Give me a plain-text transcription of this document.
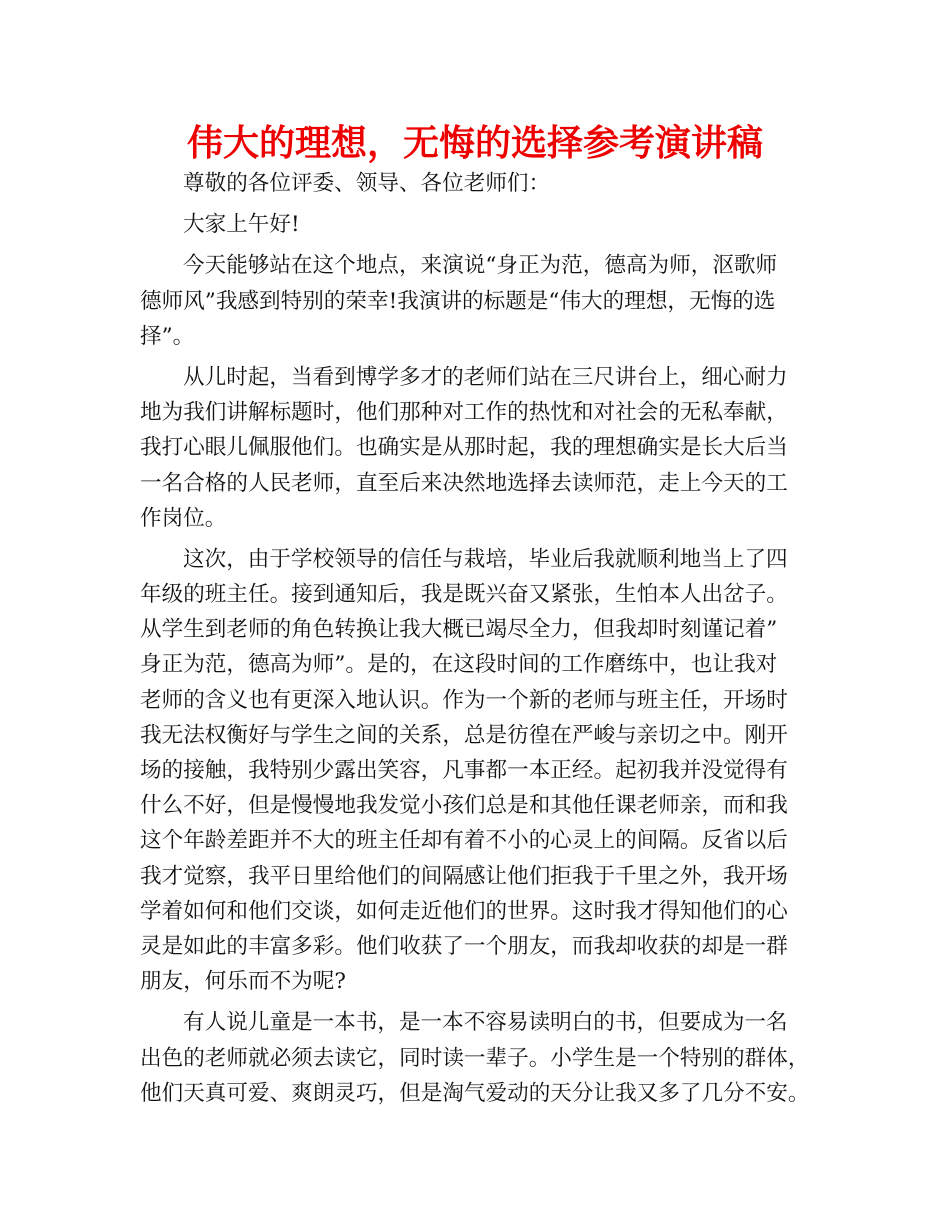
伟大的理想，无悔的选择参考演讲稿

尊敬的各位评委、领导、各位老师们：

大家上午好!

今天能够站在这个地点，来演说“身正为范，德高为师，沤歌师

德师风”我感到特别的荣幸!我演讲的标题是“伟大的理想，无悔的选

择”。

从儿时起，当看到博学多才的老师们站在三尺讲台上，细心耐力

地为我们讲解标题时，他们那种对工作的热忱和对社会的无私奉献，

我打心眼儿佩服他们。也确实是从那时起，我的理想确实是长大后当

一名合格的人民老师，直至后来决然地选择去读师范，走上今天的工

作岗位。

这次，由于学校领导的信任与栽培，毕业后我就顺利地当上了四

年级的班主任。接到通知后，我是既兴奋又紧张，生怕本人出岔子。

从学生到老师的角色转换让我大概已竭尽全力，但我却时刻谨记着”

身正为范，德高为师”。是的，在这段时间的工作磨练中，也让我对

老师的含义也有更深入地认识。作为一个新的老师与班主任，开场时

我无法权衡好与学生之间的关系，总是彷徨在严峻与亲切之中。刚开

场的接触，我特别少露出笑容，凡事都一本正经。起初我并没觉得有

什么不好，但是慢慢地我发觉小孩们总是和其他任课老师亲，而和我

这个年龄差距并不大的班主任却有着不小的心灵上的间隔。反省以后

我才觉察，我平日里给他们的间隔感让他们拒我于千里之外，我开场

学着如何和他们交谈，如何走近他们的世界。这时我才得知他们的心

灵是如此的丰富多彩。他们收获了一个朋友，而我却收获的却是一群

朋友，何乐而不为呢?

有人说儿童是一本书，是一本不容易读明白的书，但要成为一名

出色的老师就必须去读它，同时读一辈子。小学生是一个特别的群体，

他们天真可爱、爽朗灵巧，但是淘气爱动的天分让我又多了几分不安。
